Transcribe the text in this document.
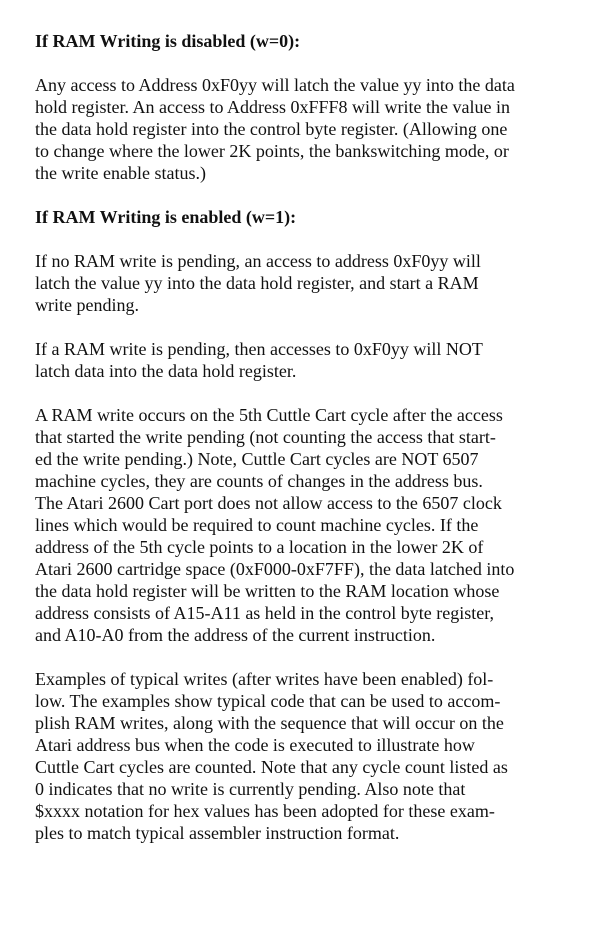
If RAM Writing is disabled (w=0):
Any access to Address 0xF0yy will latch the value yy into the data
hold register. An access to Address 0xFFF8 will write the value in
the data hold register into the control byte register. (Allowing one
to change where the lower 2K points, the bankswitching mode, or
the write enable status.)
If RAM Writing is enabled (w=1):
If no RAM write is pending, an access to address 0xF0yy will
latch the value yy into the data hold register, and start a RAM
write pending.
If a RAM write is pending, then accesses to 0xF0yy will NOT
latch data into the data hold register.
A RAM write occurs on the 5th Cuttle Cart cycle after the access
that started the write pending (not counting the access that start-
ed the write pending.) Note, Cuttle Cart cycles are NOT 6507
machine cycles, they are counts of changes in the address bus.
The Atari 2600 Cart port does not allow access to the 6507 clock
lines which would be required to count machine cycles. If the
address of the 5th cycle points to a location in the lower 2K of
Atari 2600 cartridge space (0xF000-0xF7FF), the data latched into
the data hold register will be written to the RAM location whose
address consists of A15-A11 as held in the control byte register,
and A10-A0 from the address of the current instruction.
Examples of typical writes (after writes have been enabled) fol-
low. The examples show typical code that can be used to accom-
plish RAM writes, along with the sequence that will occur on the
Atari address bus when the code is executed to illustrate how
Cuttle Cart cycles are counted. Note that any cycle count listed as
0 indicates that no write is currently pending. Also note that
$xxxx notation for hex values has been adopted for these exam-
ples to match typical assembler instruction format.
